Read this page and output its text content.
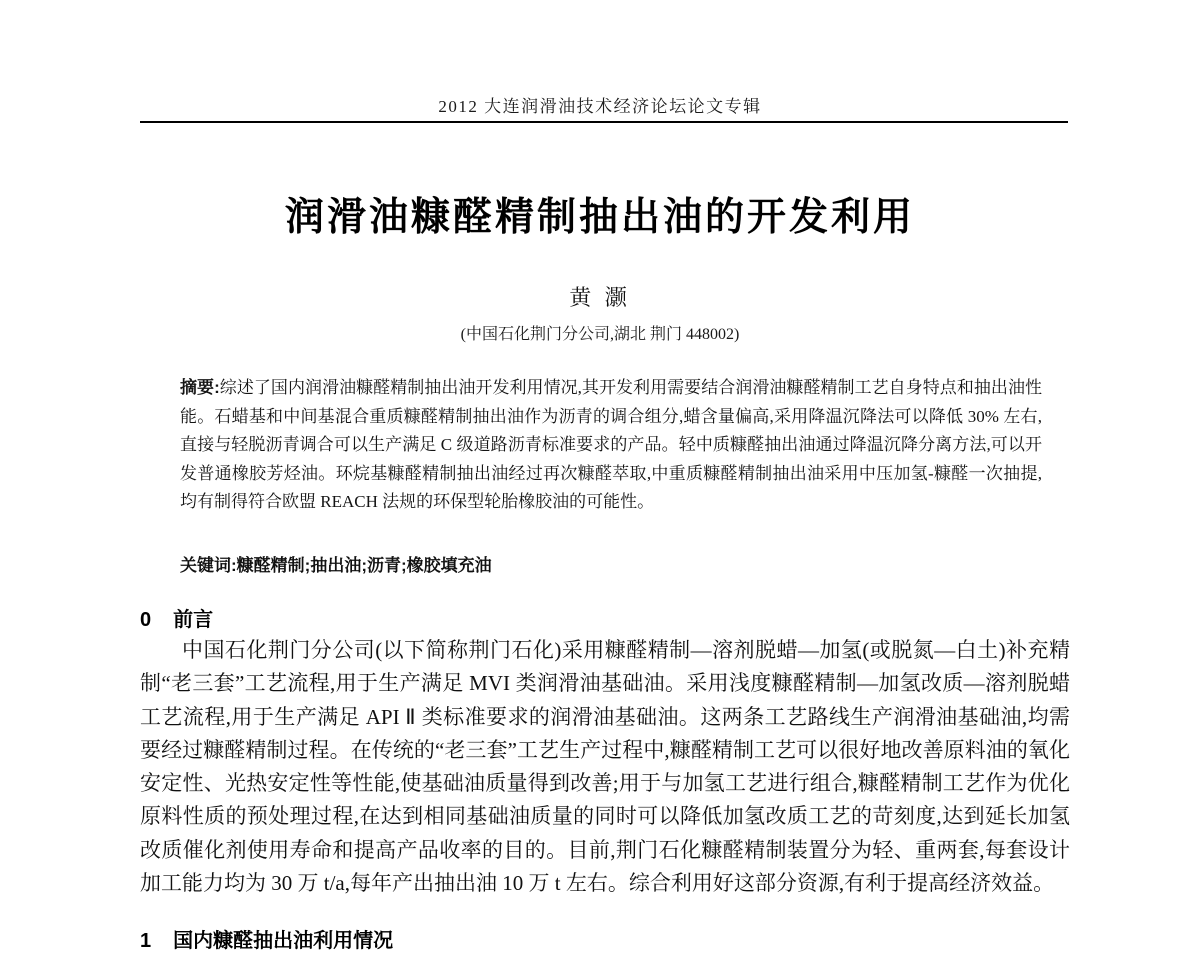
2012 大连润滑油技术经济论坛论文专辑
润滑油糠醛精制抽出油的开发利用
黄 灏
(中国石化荆门分公司,湖北 荆门 448002)
摘要:综述了国内润滑油糠醛精制抽出油开发利用情况,其开发利用需要结合润滑油糠醛精制工艺自身特点和抽出油性能。石蜡基和中间基混合重质糠醛精制抽出油作为沥青的调合组分,蜡含量偏高,采用降温沉降法可以降低 30% 左右,直接与轻脱沥青调合可以生产满足 C 级道路沥青标准要求的产品。轻中质糠醛抽出油通过降温沉降分离方法,可以开发普通橡胶芳烃油。环烷基糠醛精制抽出油经过再次糠醛萃取,中重质糠醛精制抽出油采用中压加氢-糠醛一次抽提,均有制得符合欧盟 REACH 法规的环保型轮胎橡胶油的可能性。
关键词:糠醛精制;抽出油;沥青;橡胶填充油
0 前言

中国石化荆门分公司(以下简称荆门石化)采用糠醛精制—溶剂脱蜡—加氢(或脱氮—白土)补充精制“老三套”工艺流程,用于生产满足 MVI 类润滑油基础油。采用浅度糠醛精制—加氢改质—溶剂脱蜡工艺流程,用于生产满足 API Ⅱ 类标准要求的润滑油基础油。这两条工艺路线生产润滑油基础油,均需要经过糠醛精制过程。在传统的“老三套”工艺生产过程中,糠醛精制工艺可以很好地改善原料油的氧化安定性、光热安定性等性能,使基础油质量得到改善;用于与加氢工艺进行组合,糠醛精制工艺作为优化原料性质的预处理过程,在达到相同基础油质量的同时可以降低加氢改质工艺的苛刻度,达到延长加氢改质催化剂使用寿命和提高产品收率的目的。目前,荆门石化糠醛精制装置分为轻、重两套,每套设计加工能力均为 30 万 t/a,每年产出抽出油 10 万 t 左右。综合利用好这部分资源,有利于提高经济效益。

1 国内糠醛抽出油利用情况
